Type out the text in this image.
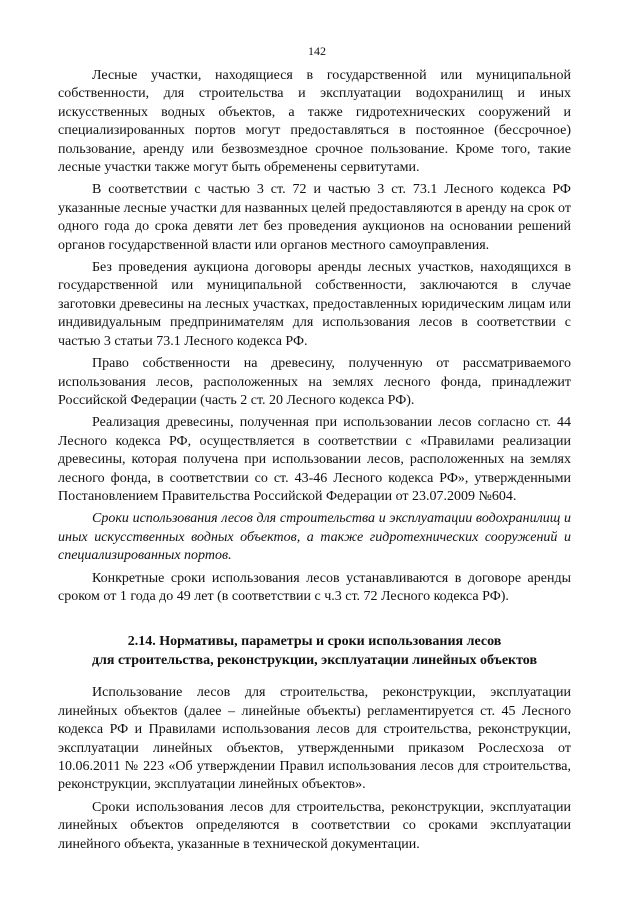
142

Лесные участки, находящиеся в государственной или муниципальной собственности, для строительства и эксплуатации водохранилищ и иных искусственных водных объектов, а также гидротехнических сооружений и специализированных портов могут предоставляться в постоянное (бессрочное) пользование, аренду или безвозмездное срочное пользование. Кроме того, такие лесные участки также могут быть обременены сервитутами.

В соответствии с частью 3 ст. 72 и частью 3 ст. 73.1 Лесного кодекса РФ указанные лесные участки для названных целей предоставляются в аренду на срок от одного года до срока девяти лет без проведения аукционов на основании решений органов государственной власти или органов местного самоуправления.

Без проведения аукциона договоры аренды лесных участков, находящихся в государственной или муниципальной собственности, заключаются в случае заготовки древесины на лесных участках, предоставленных юридическим лицам или индивидуальным предпринимателям для использования лесов в соответствии с частью 3 статьи 73.1 Лесного кодекса РФ.

Право собственности на древесину, полученную от рассматриваемого использования лесов, расположенных на землях лесного фонда, принадлежит Российской Федерации (часть 2 ст. 20 Лесного кодекса РФ).

Реализация древесины, полученная при использовании лесов согласно ст. 44 Лесного кодекса РФ, осуществляется в соответствии с «Правилами реализации древесины, которая получена при использовании лесов, расположенных на землях лесного фонда, в соответствии со ст. 43-46 Лесного кодекса РФ», утвержденными Постановлением Правительства Российской Федерации от 23.07.2009 №604.

Сроки использования лесов для строительства и эксплуатации водохранилищ и иных искусственных водных объектов, а также гидротехнических сооружений и специализированных портов.

Конкретные сроки использования лесов устанавливаются в договоре аренды сроком от 1 года до 49 лет (в соответствии с ч.3 ст. 72 Лесного кодекса РФ).

2.14. Нормативы, параметры и сроки использования лесов
для строительства, реконструкции, эксплуатации линейных объектов

Использование лесов для строительства, реконструкции, эксплуатации линейных объектов (далее – линейные объекты) регламентируется ст. 45 Лесного кодекса РФ и Правилами использования лесов для строительства, реконструкции, эксплуатации линейных объектов, утвержденными приказом Рослесхоза от 10.06.2011 № 223 «Об утверждении Правил использования лесов для строительства, реконструкции, эксплуатации линейных объектов».

Сроки использования лесов для строительства, реконструкции, эксплуатации линейных объектов определяются в соответствии со сроками эксплуатации линейного объекта, указанные в технической документации.
